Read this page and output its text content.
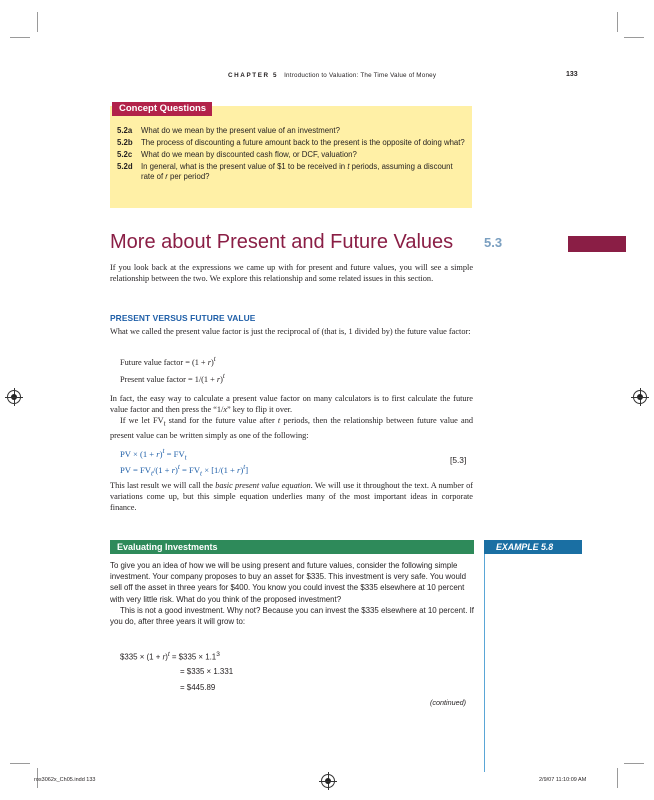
CHAPTER 5 Introduction to Valuation: The Time Value of Money	133
Concept Questions
5.2a	What do we mean by the present value of an investment?
5.2b	The process of discounting a future amount back to the present is the opposite of doing what?
5.2c	What do we mean by discounted cash flow, or DCF, valuation?
5.2d	In general, what is the present value of $1 to be received in t periods, assuming a discount rate of r per period?
More about Present and Future Values 5.3

If you look back at the expressions we came up with for present and future values, you will see a simple relationship between the two. We explore this relationship and some related issues in this section.

PRESENT VERSUS FUTURE VALUE

What we called the present value factor is just the reciprocal of (that is, 1 divided by) the future value factor:

Future value factor = $(1 + r)^t$
Present value factor = $1/(1 + r)^t$

In fact, the easy way to calculate a present value factor on many calculators is to first calculate the future value factor and then press the “1/x” key to flip it over.

If we let $FV_t$ stand for the future value after t periods, then the relationship between future value and present value can be written simply as one of the following:

PV × $(1 + r)^t = FV_t$
PV = $FV_t/(1 + r)^t = FV_t \times [1/(1 + r)^t]$
[5.3]

This last result we will call the basic present value equation. We will use it throughout the text. A number of variations come up, but this simple equation underlies many of the most important ideas in corporate finance.

Evaluating Investments	EXAMPLE 5.8

To give you an idea of how we will be using present and future values, consider the following simple investment. Your company proposes to buy an asset for $335. This investment is very safe. You would sell off the asset in three years for $400. You know you could invest the $335 elsewhere at 10 percent with very little risk. What do you think of the proposed investment?

This is not a good investment. Why not? Because you can invest the $335 elsewhere at 10 percent. If you do, after three years it will grow to:

$335 × $(1 + r)^t$ = $335 × $1.1^3$
= $335 × 1.331
= $445.89
(continued)
ros3062x_Ch05.indd 133	2/9/07 11:10:09 AM
